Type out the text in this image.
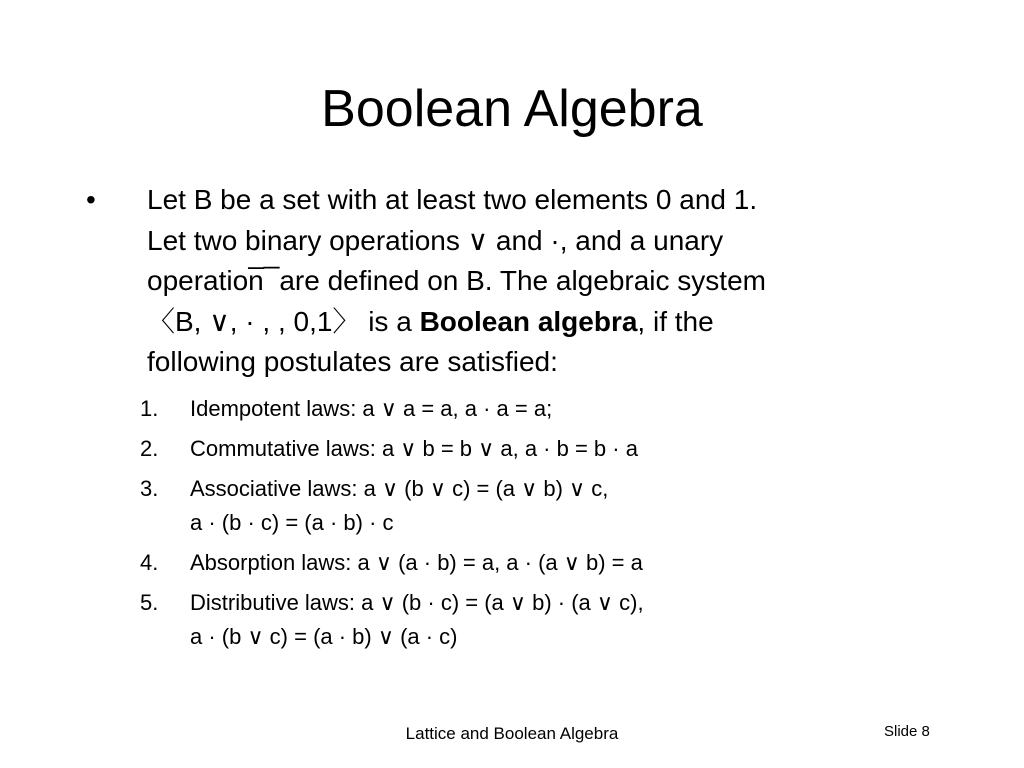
Boolean Algebra
• Let B be a set with at least two elements 0 and 1.
Let two binary operations ∨ and ·, and a unary
operation̅ ̅ are defined on B. The algebraic system
〈B, ∨, · , , 0,1〉 is a Boolean algebra, if the
following postulates are satisfied:
1. Idempotent laws: a ∨ a = a, a · a = a;
2. Commutative laws: a ∨ b = b ∨ a, a · b = b · a
3. Associative laws: a ∨ (b ∨ c) = (a ∨ b) ∨ c,
a · (b · c) = (a · b) · c
4. Absorption laws: a ∨ (a · b) = a, a · (a ∨ b) = a
5. Distributive laws: a ∨ (b · c) = (a ∨ b) · (a ∨ c),
a · (b ∨ c) = (a · b) ∨ (a · c)
Lattice and Boolean Algebra	Slide 8
